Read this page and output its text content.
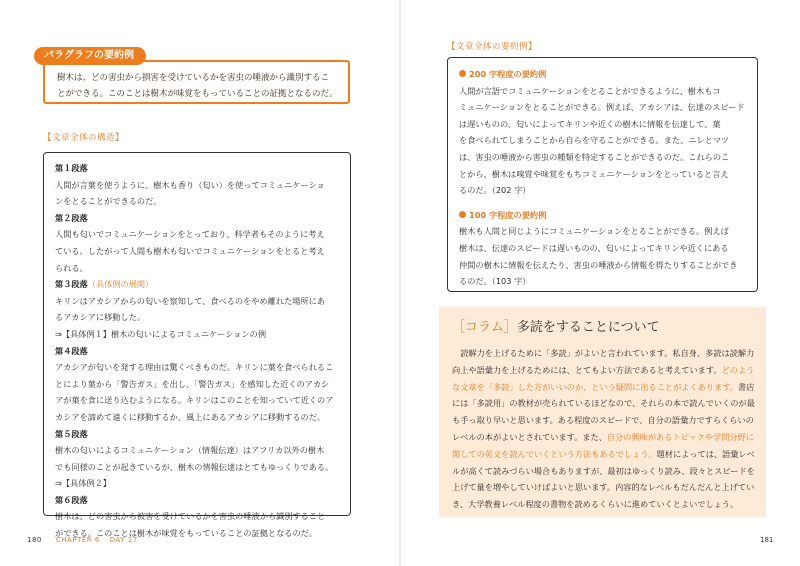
樹木は、どの害虫から損害を受けているかを害虫の唾液から識別するこ
とができる。このことは樹木が味覚をもっていることの証拠となるのだ。
パラグラフの要約例
【文章全体の構造】

第１段落

人間が言葉を使うように、樹木も香り（匂い）を使ってコミュニケーショ

ンをとることができるのだ。

第２段落

人間も匂いでコミュニケーションをとっており、科学者もそのように考え

ている。したがって人間も樹木も匂いでコミュニケーションをとると考え

られる。

第３段落（具体例の展開）

キリンはアカシアからの匂いを察知して、食べるのをやめ離れた場所にあ

るアカシアに移動した。

⇒【具体例１】樹木の匂いによるコミュニケーションの例

第４段落

アカシアが匂いを発する理由は驚くべきものだ。キリンに葉を食べられるこ

とにより葉から「警告ガス」を出し、「警告ガス」を感知した近くのアカシ

アが葉を食に送り込むようになる。キリンはこのことを知っていて近くのア

カシアを諦めて遠くに移動するか、風上にあるアカシアに移動するのだ。

第５段落

樹木の匂いによるコミュニケーション（情報伝達）はアフリカ以外の樹木

でも同様のことが起きているが、樹木の情報伝達はとてもゆっくりである。

⇒【具体例２】

第６段落

樹木は、どの害虫から被害を受けているかを害虫の唾液から識別すること

ができる。このことは樹木が味覚をもっていることの証拠となるのだ。

180 CHAPTER 6 DAY 17
【文章全体の要約例】

200 字程度の要約例

人間が言語でコミュニケーションをとることができるように、樹木もコ

ミュニケーションをとることができる。例えば、アカシアは、伝達のスピード

は遅いものの、匂いによってキリンや近くの樹木に情報を伝達して、葉

を食べられてしまうことから自らを守ることができる。また、ニレとマツ

は、害虫の唾液から害虫の種類を特定することができるのだ。これらのこ

とから、樹木は嗅覚や味覚をもちコミュニケーションをとっていると言え

るのだ。（202 字）

100 字程度の要約例

樹木も人間と同じようにコミュニケーションをとることができる。例えば

樹木は、伝達のスピードは遅いものの、匂いによってキリンや近くにある

仲間の樹木に情報を伝えたり、害虫の唾液から情報を得たりすることができ

るのだ。（103 字）

［コラム］多読をすることについて

読解力を上げるために「多読」がよいと言われています。私自身、多読は読解力向上や語彙力を上げるためには、とてもよい方法であると考えています。どのような文章を「多読」した方がいいのか、という疑問に出ることがよくあります。書店には「多読用」の教材が売られているほどなので、それらの本で読んでいくのが最も手っ取り早いと思います。ある程度のスピードで、自分の語彙力ですらくらいのレベルの本がよいとされています。また、自分の興味があるトピックや学問分野に関しての英文を読んでいくという方法もあるでしょう。題材によっては、語彙レベルが高くて読みづらい場合もありますが、最初はゆっくり読み、段々とスピードを上げて量を増やしていけばよいと思います。内容的なレベルもだんだんと上げていき、大学教養レベル程度の書物を読めるくらいに進めていくとよいでしょう。

181
